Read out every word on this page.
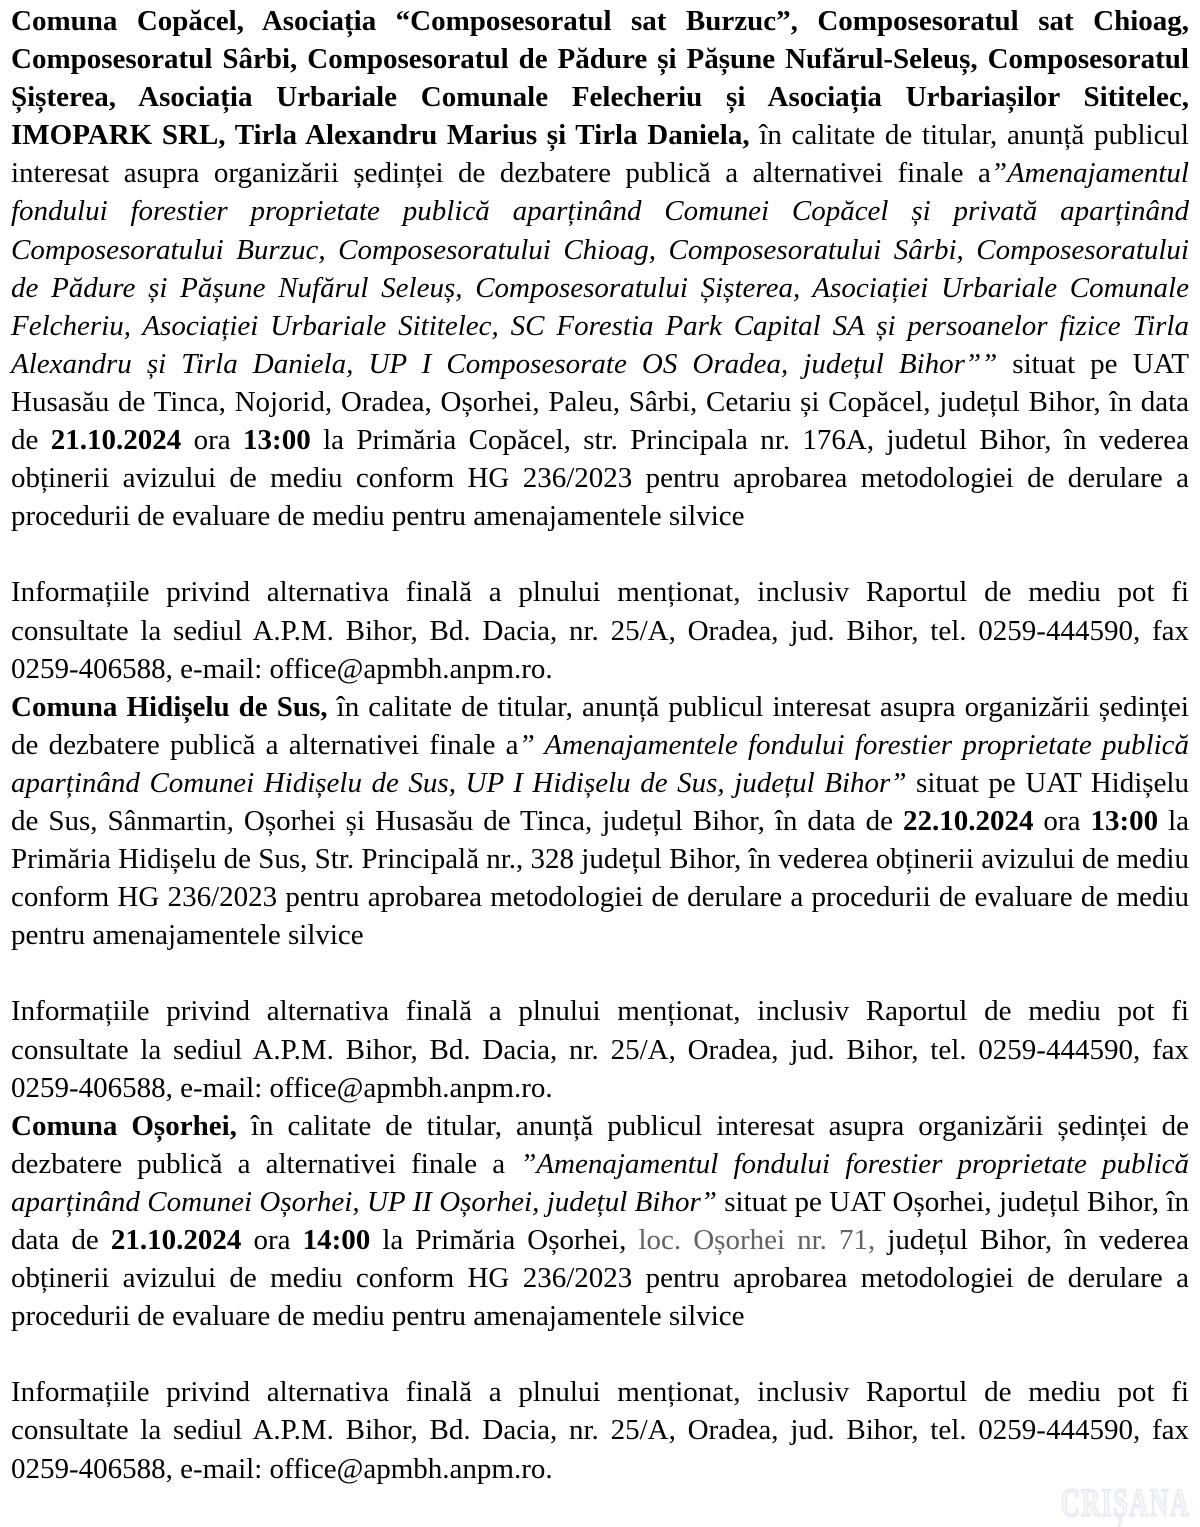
Comuna Copăcel, Asociația “Composesoratul sat Burzuc”, Composesoratul sat Chioag, Composesoratul Sârbi, Composesoratul de Pădure și Pășune Nufărul-Seleuș, Composesoratul Șișterea, Asociația Urbariale Comunale Felecheriu și Asociația Urbariașilor Sititelec, IMOPARK SRL, Tirla Alexandru Marius și Tirla Daniela, în calitate de titular, anunță publicul interesat asupra organizării ședinței de dezbatere publică a alternativei finale a”Amenajamentul fondului forestier proprietate publică aparținând Comunei Copăcel și privată aparținând Composesoratului Burzuc, Composesoratului Chioag, Composesoratului Sârbi, Composesoratului de Pădure și Pășune Nufărul Seleuș, Composesoratului Șișterea, Asociației Urbariale Comunale Felcheriu, Asociației Urbariale Sititelec, SC Forestia Park Capital SA și persoanelor fizice Tirla Alexandru și Tirla Daniela, UP I Composesorate OS Oradea, județul Bihor”” situat pe UAT Husasău de Tinca, Nojorid, Oradea, Oșorhei, Paleu, Sârbi, Cetariu și Copăcel, județul Bihor, în data de 21.10.2024 ora 13:00 la Primăria Copăcel, str. Principala nr. 176A, judetul Bihor, în vederea obținerii avizului de mediu conform HG 236/2023 pentru aprobarea metodologiei de derulare a procedurii de evaluare de mediu pentru amenajamentele silvice

Informațiile privind alternativa finală a plnului menționat, inclusiv Raportul de mediu pot fi consultate la sediul A.P.M. Bihor, Bd. Dacia, nr. 25/A, Oradea, jud. Bihor, tel. 0259-444590, fax 0259-406588, e-mail: office@apmbh.anpm.ro.

Comuna Hidișelu de Sus, în calitate de titular, anunță publicul interesat asupra organizării ședinței de dezbatere publică a alternativei finale a” Amenajamentele fondului forestier proprietate publică aparținând Comunei Hidișelu de Sus, UP I Hidișelu de Sus, județul Bihor” situat pe UAT Hidișelu de Sus, Sânmartin, Oșorhei și Husasău de Tinca, județul Bihor, în data de 22.10.2024 ora 13:00 la Primăria Hidișelu de Sus, Str. Principală nr., 328 județul Bihor, în vederea obținerii avizului de mediu conform HG 236/2023 pentru aprobarea metodologiei de derulare a procedurii de evaluare de mediu pentru amenajamentele silvice

Informațiile privind alternativa finală a plnului menționat, inclusiv Raportul de mediu pot fi consultate la sediul A.P.M. Bihor, Bd. Dacia, nr. 25/A, Oradea, jud. Bihor, tel. 0259-444590, fax 0259-406588, e-mail: office@apmbh.anpm.ro.

Comuna Oșorhei, în calitate de titular, anunță publicul interesat asupra organizării ședinței de dezbatere publică a alternativei finale a ”Amenajamentul fondului forestier proprietate publică aparținând Comunei Oșorhei, UP II Oșorhei, județul Bihor” situat pe UAT Oșorhei, județul Bihor, în data de 21.10.2024 ora 14:00 la Primăria Oșorhei, loc. Oșorhei nr. 71, județul Bihor, în vederea obținerii avizului de mediu conform HG 236/2023 pentru aprobarea metodologiei de derulare a procedurii de evaluare de mediu pentru amenajamentele silvice

Informațiile privind alternativa finală a plnului menționat, inclusiv Raportul de mediu pot fi consultate la sediul A.P.M. Bihor, Bd. Dacia, nr. 25/A, Oradea, jud. Bihor, tel. 0259-444590, fax 0259-406588, e-mail: office@apmbh.anpm.ro.

CRIȘANA
